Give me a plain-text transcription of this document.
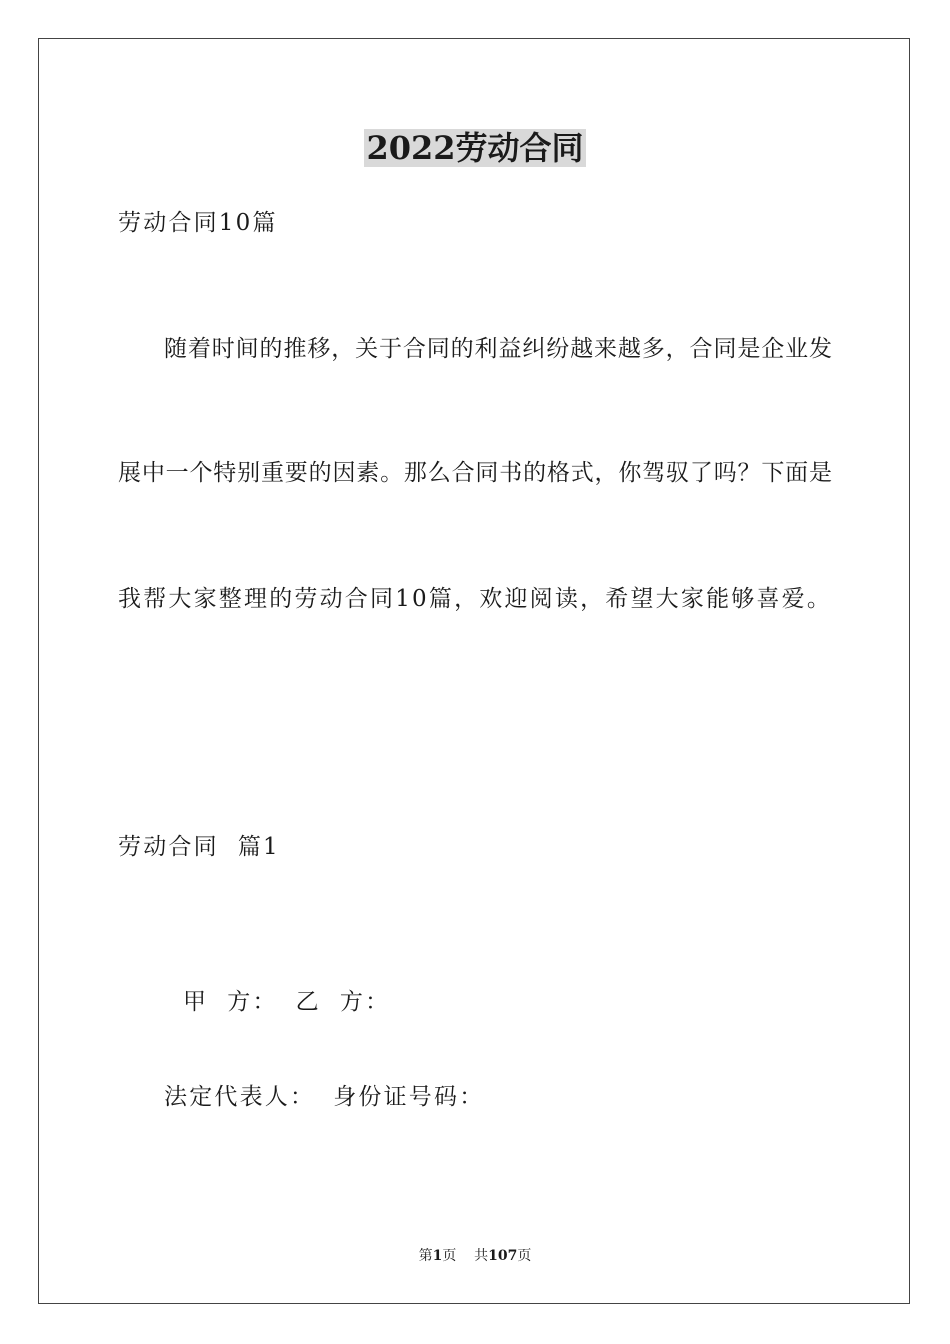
2022劳动合同
劳动合同10篇
随着时间的推移，关于合同的利益纠纷越来越多，合同是企业发
展中一个特别重要的因素。那么合同书的格式，你驾驭了吗？下面是
我帮大家整理的劳动合同10篇，欢迎阅读，希望大家能够喜爱。
劳动合同  篇1

甲  方： 乙  方：

法定代表人： 身份证号码：
第1页 共107页
